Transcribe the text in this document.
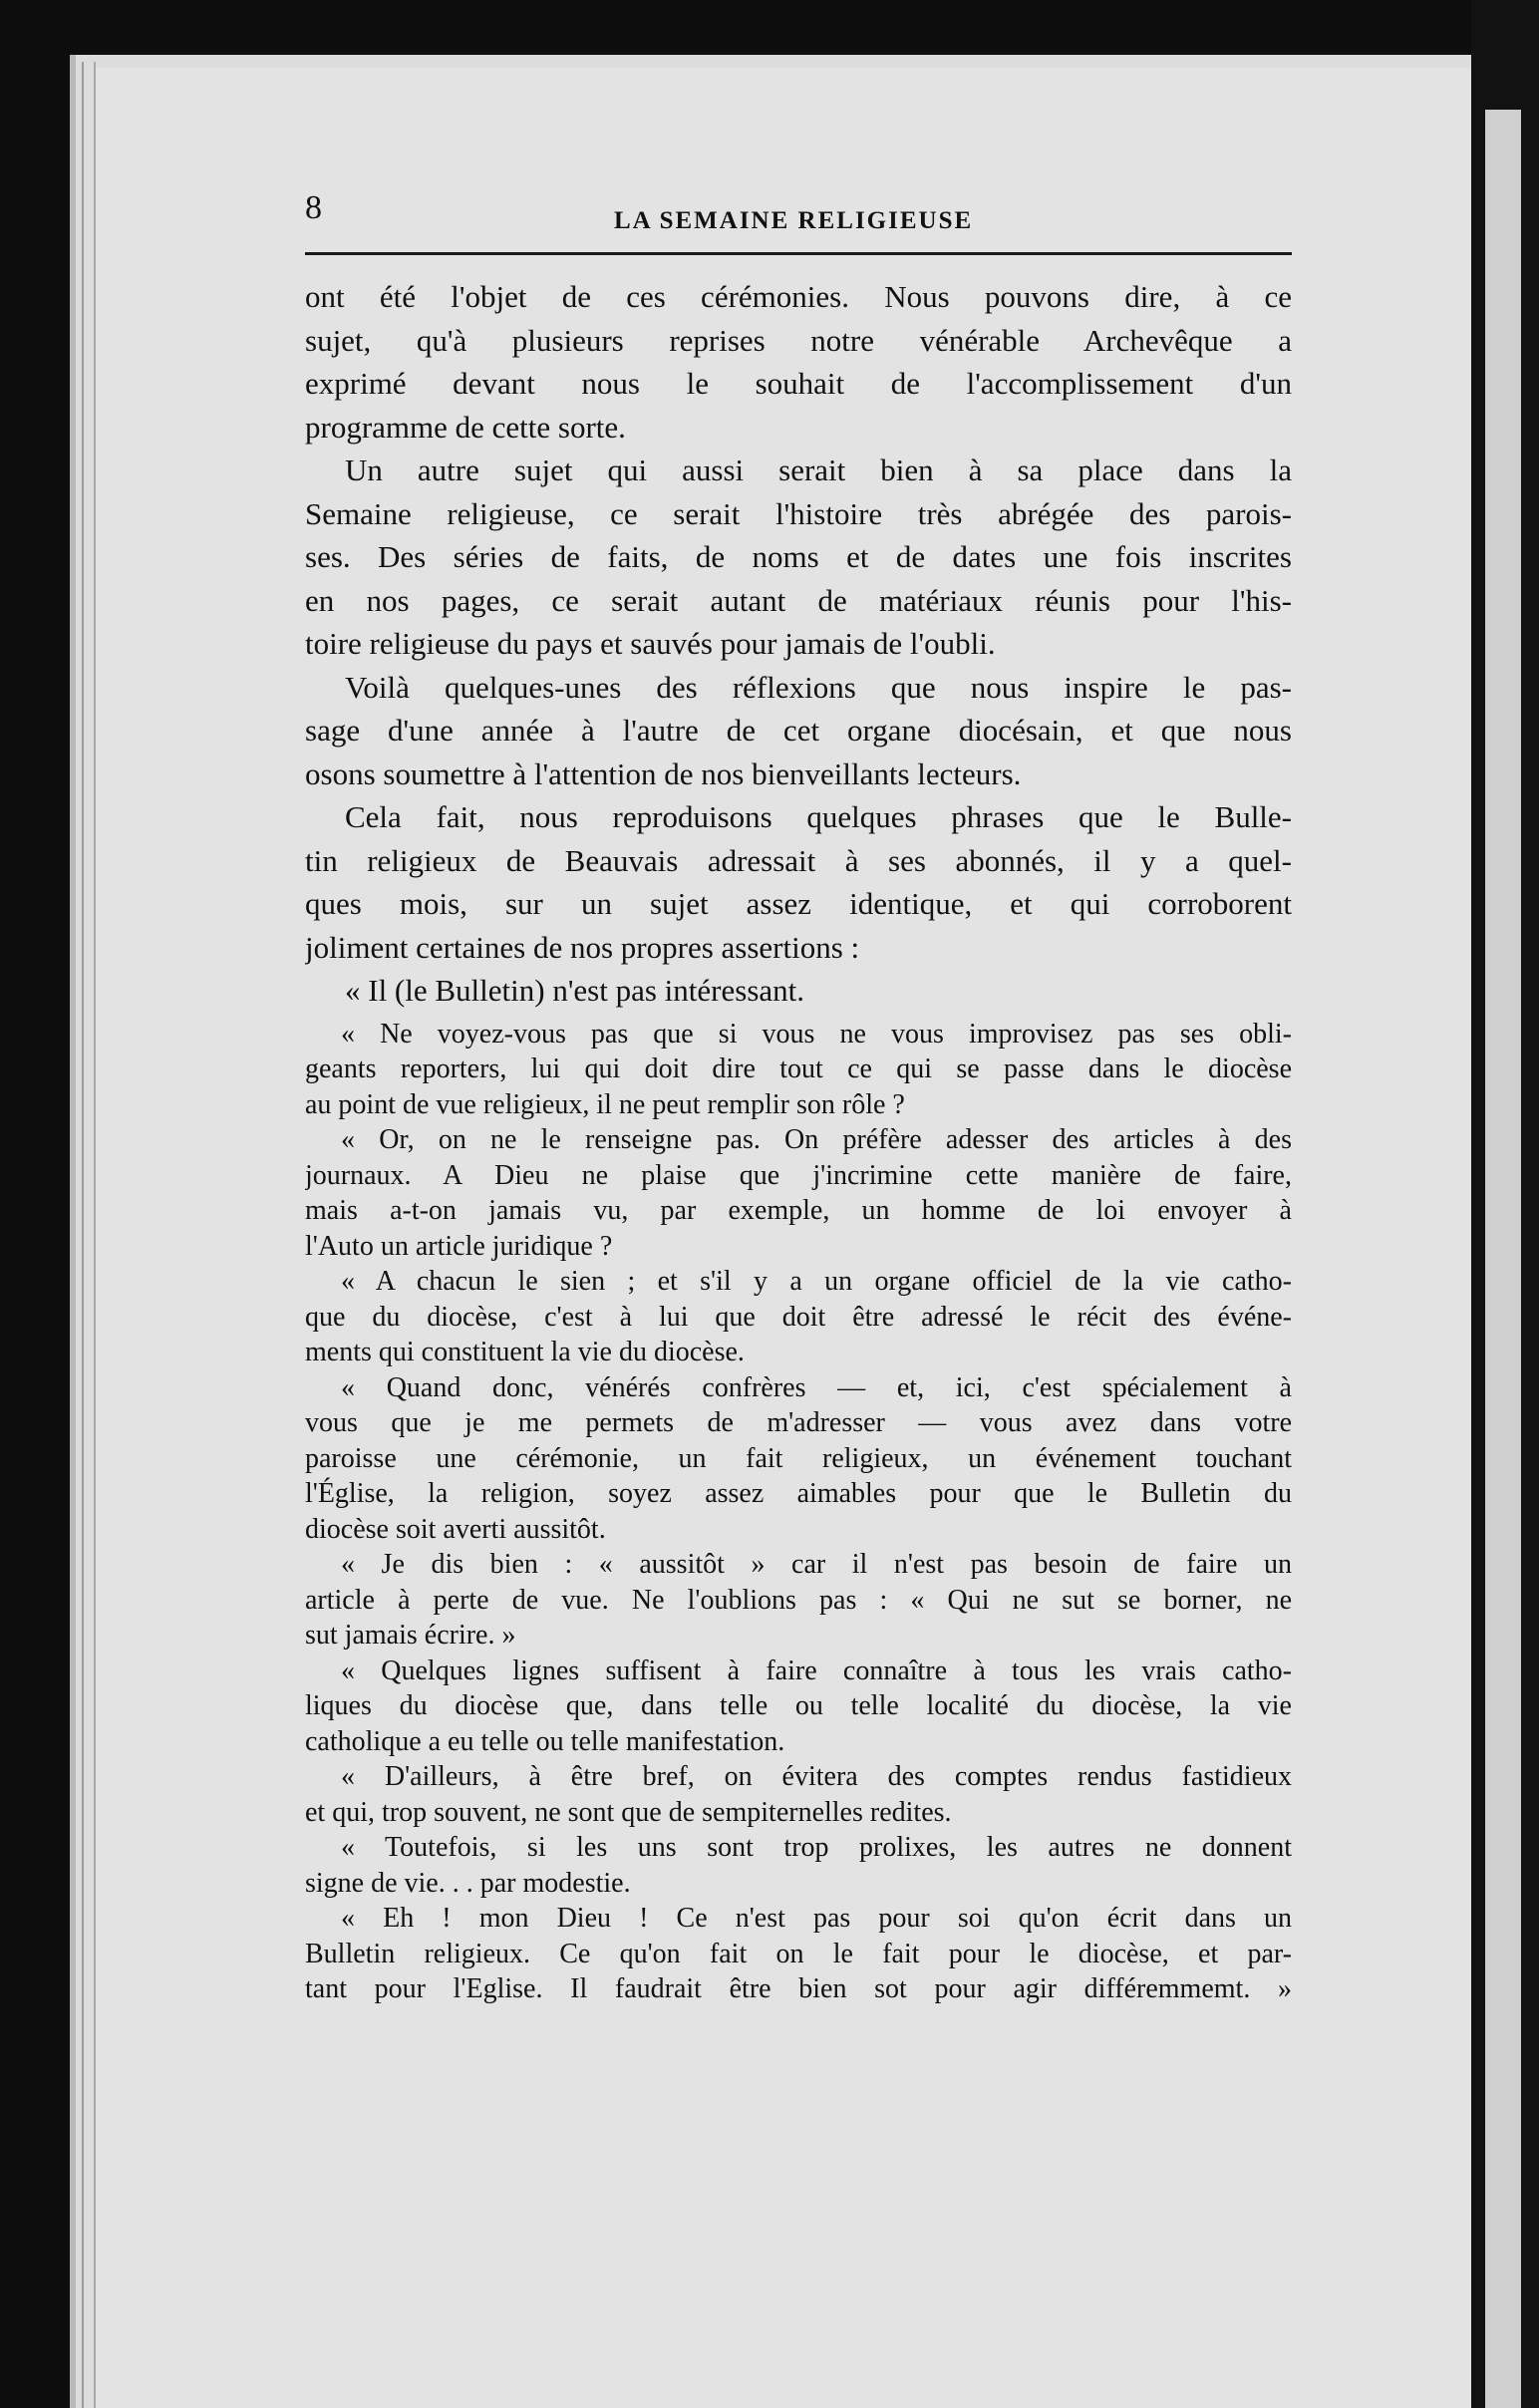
8	LA SEMAINE RELIGIEUSE
ont été l'objet de ces cérémonies. Nous pouvons dire, à ce
sujet, qu'à plusieurs reprises notre vénérable Archevêque a
exprimé devant nous le souhait de l'accomplissement d'un
programme de cette sorte.
Un autre sujet qui aussi serait bien à sa place dans la
Semaine religieuse, ce serait l'histoire très abrégée des parois-
ses. Des séries de faits, de noms et de dates une fois inscrites
en nos pages, ce serait autant de matériaux réunis pour l'his-
toire religieuse du pays et sauvés pour jamais de l'oubli.
Voilà quelques-unes des réflexions que nous inspire le pas-
sage d'une année à l'autre de cet organe diocésain, et que nous
osons soumettre à l'attention de nos bienveillants lecteurs.
Cela fait, nous reproduisons quelques phrases que le Bulle-
tin religieux de Beauvais adressait à ses abonnés, il y a quel-
ques mois, sur un sujet assez identique, et qui corroborent
joliment certaines de nos propres assertions :
« Il (le Bulletin) n'est pas intéressant.
« Ne voyez-vous pas que si vous ne vous improvisez pas ses obli-
geants reporters, lui qui doit dire tout ce qui se passe dans le diocèse
au point de vue religieux, il ne peut remplir son rôle ?
« Or, on ne le renseigne pas. On préfère adesser des articles à des
journaux. A Dieu ne plaise que j'incrimine cette manière de faire,
mais a-t-on jamais vu, par exemple, un homme de loi envoyer à
l'Auto un article juridique ?
« A chacun le sien ; et s'il y a un organe officiel de la vie catho-
que du diocèse, c'est à lui que doit être adressé le récit des événe-
ments qui constituent la vie du diocèse.
« Quand donc, vénérés confrères — et, ici, c'est spécialement à
vous que je me permets de m'adresser — vous avez dans votre
paroisse une cérémonie, un fait religieux, un événement touchant
l'Église, la religion, soyez assez aimables pour que le Bulletin du
diocèse soit averti aussitôt.
« Je dis bien : « aussitôt » car il n'est pas besoin de faire un
article à perte de vue. Ne l'oublions pas : « Qui ne sut se borner, ne
sut jamais écrire. »
« Quelques lignes suffisent à faire connaître à tous les vrais catho-
liques du diocèse que, dans telle ou telle localité du diocèse, la vie
catholique a eu telle ou telle manifestation.
« D'ailleurs, à être bref, on évitera des comptes rendus fastidieux
et qui, trop souvent, ne sont que de sempiternelles redites.
« Toutefois, si les uns sont trop prolixes, les autres ne donnent
signe de vie. . . par modestie.
« Eh ! mon Dieu ! Ce n'est pas pour soi qu'on écrit dans un
Bulletin religieux. Ce qu'on fait on le fait pour le diocèse, et par-
tant pour l'Eglise. Il faudrait être bien sot pour agir différemmemt. »
